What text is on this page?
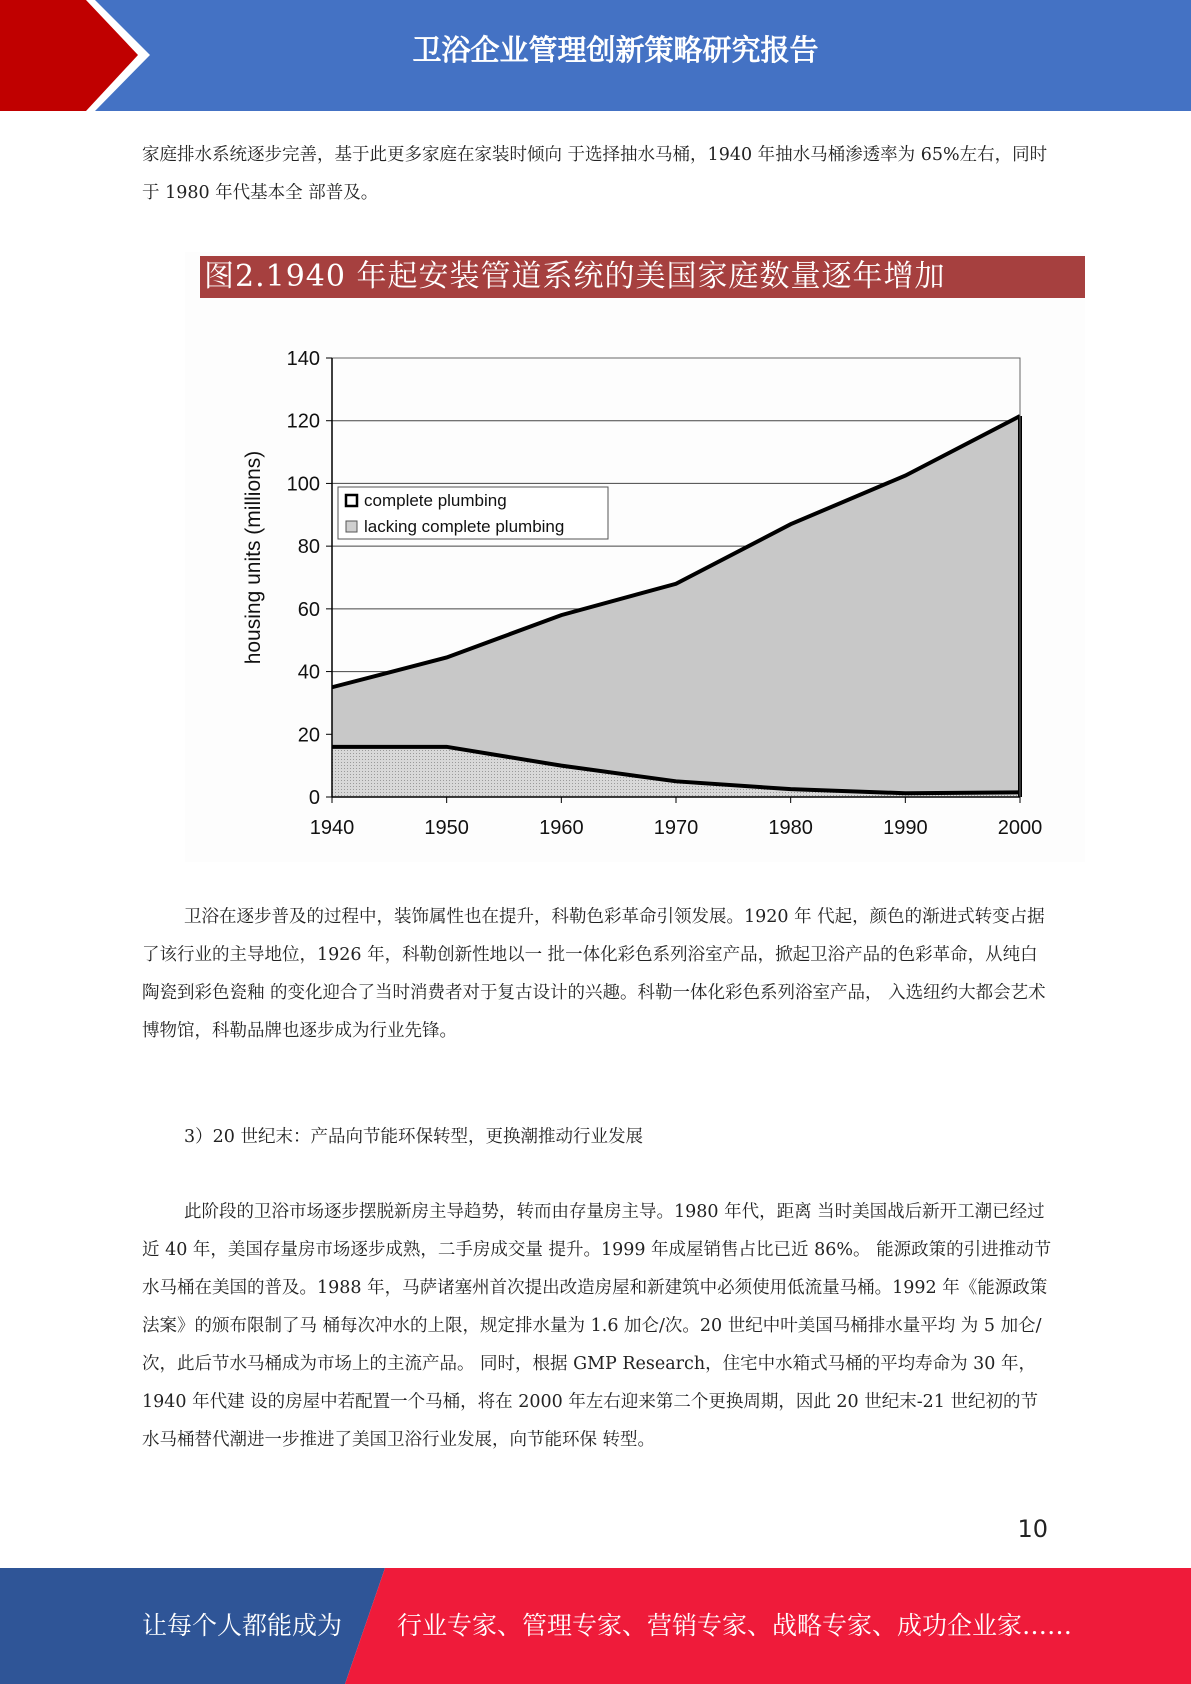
卫浴企业管理创新策略研究报告

家庭排水系统逐步完善，基于此更多家庭在家装时倾向 于选择抽水马桶，1940 年抽水马桶渗透率为 65%左右，同时于 1980 年代基本全 部普及。

图2.1940 年起安装管道系统的美国家庭数量逐年增加
0
20
40
60
80
100
120
140
1940	1950	1960	1970	1980	1990	2000
housing units (millions)	complete plumbing
lacking complete plumbing

卫浴在逐步普及的过程中，装饰属性也在提升，科勒色彩革命引领发展。1920 年 代起，颜色的渐进式转变占据了该行业的主导地位，1926 年，科勒创新性地以一 批一体化彩色系列浴室产品，掀起卫浴产品的色彩革命，从纯白陶瓷到彩色瓷釉 的变化迎合了当时消费者对于复古设计的兴趣。科勒一体化彩色系列浴室产品， 入选纽约大都会艺术博物馆，科勒品牌也逐步成为行业先锋。

3）20 世纪末：产品向节能环保转型，更换潮推动行业发展

此阶段的卫浴市场逐步摆脱新房主导趋势，转而由存量房主导。1980 年代，距离 当时美国战后新开工潮已经过近 40 年，美国存量房市场逐步成熟，二手房成交量 提升。1999 年成屋销售占比已近 86%。 能源政策的引进推动节水马桶在美国的普及。1988 年，马萨诸塞州首次提出改造房屋和新建筑中必须使用低流量马桶。1992 年《能源政策法案》的颁布限制了马 桶每次冲水的上限，规定排水量为 1.6 加仑/次。20 世纪中叶美国马桶排水量平均 为 5 加仑/次，此后节水马桶成为市场上的主流产品。 同时，根据 GMP Research，住宅中水箱式马桶的平均寿命为 30 年，1940 年代建 设的房屋中若配置一个马桶，将在 2000 年左右迎来第二个更换周期，因此 20 世纪末-21 世纪初的节水马桶替代潮进一步推进了美国卫浴行业发展，向节能环保 转型。

10
让每个人都能成为 行业专家、管理专家、营销专家、战略专家、成功企业家……
